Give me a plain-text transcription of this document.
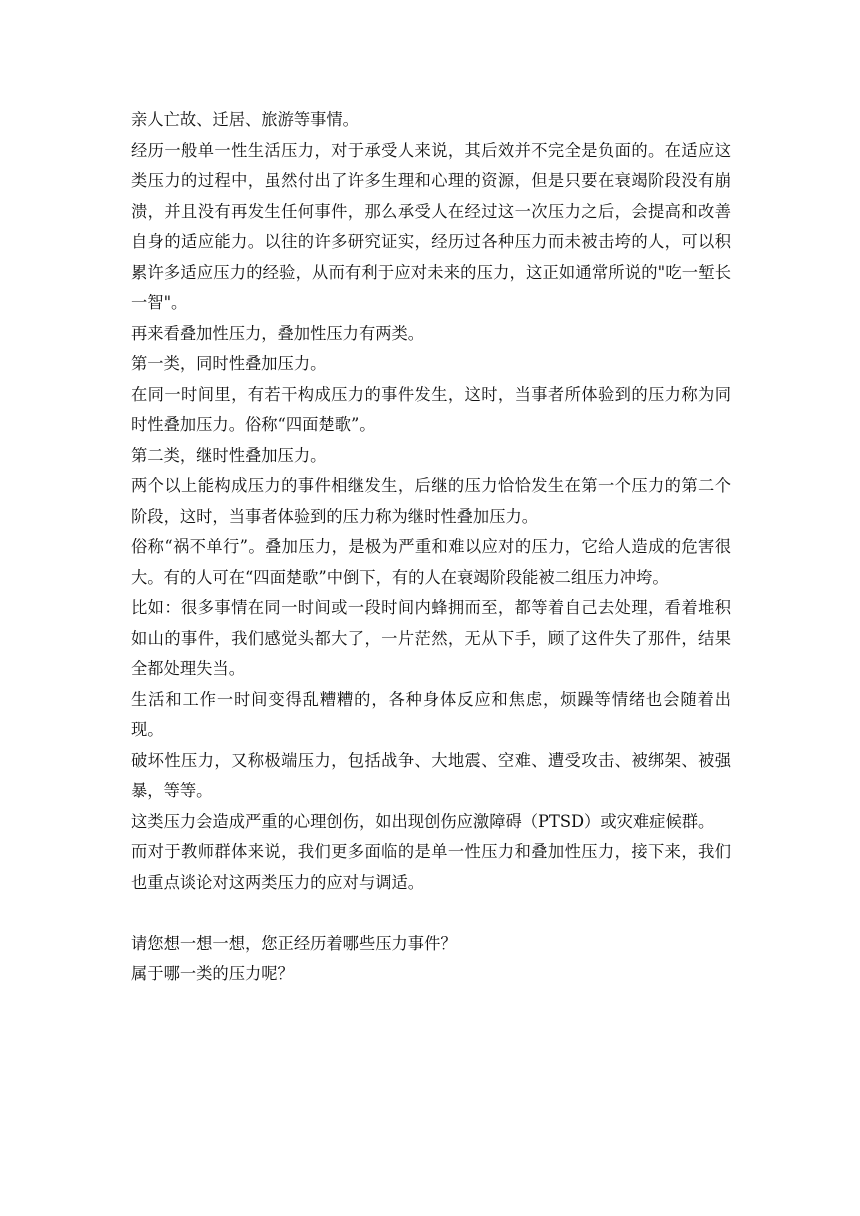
亲人亡故、迁居、旅游等事情。

经历一般单一性生活压力，对于承受人来说，其后效并不完全是负面的。在适应这类压力的过程中，虽然付出了许多生理和心理的资源，但是只要在衰竭阶段没有崩溃，并且没有再发生任何事件，那么承受人在经过这一次压力之后，会提高和改善自身的适应能力。以往的许多研究证实，经历过各种压力而未被击垮的人，可以积累许多适应压力的经验，从而有利于应对未来的压力，这正如通常所说的"吃一堑长一智"。

再来看叠加性压力，叠加性压力有两类。

第一类，同时性叠加压力。

在同一时间里，有若干构成压力的事件发生，这时，当事者所体验到的压力称为同时性叠加压力。俗称“四面楚歌”。

第二类，继时性叠加压力。

两个以上能构成压力的事件相继发生，后继的压力恰恰发生在第一个压力的第二个阶段，这时，当事者体验到的压力称为继时性叠加压力。

俗称“祸不单行”。叠加压力，是极为严重和难以应对的压力，它给人造成的危害很大。有的人可在“四面楚歌”中倒下，有的人在衰竭阶段能被二组压力冲垮。

比如：很多事情在同一时间或一段时间内蜂拥而至，都等着自己去处理，看着堆积如山的事件，我们感觉头都大了，一片茫然，无从下手，顾了这件失了那件，结果全都处理失当。

生活和工作一时间变得乱糟糟的，各种身体反应和焦虑，烦躁等情绪也会随着出现。

破坏性压力，又称极端压力，包括战争、大地震、空难、遭受攻击、被绑架、被强暴，等等。

这类压力会造成严重的心理创伤，如出现创伤应激障碍（PTSD）或灾难症候群。

而对于教师群体来说，我们更多面临的是单一性压力和叠加性压力，接下来，我们也重点谈论对这两类压力的应对与调适。

请您想一想一想，您正经历着哪些压力事件？

属于哪一类的压力呢？
